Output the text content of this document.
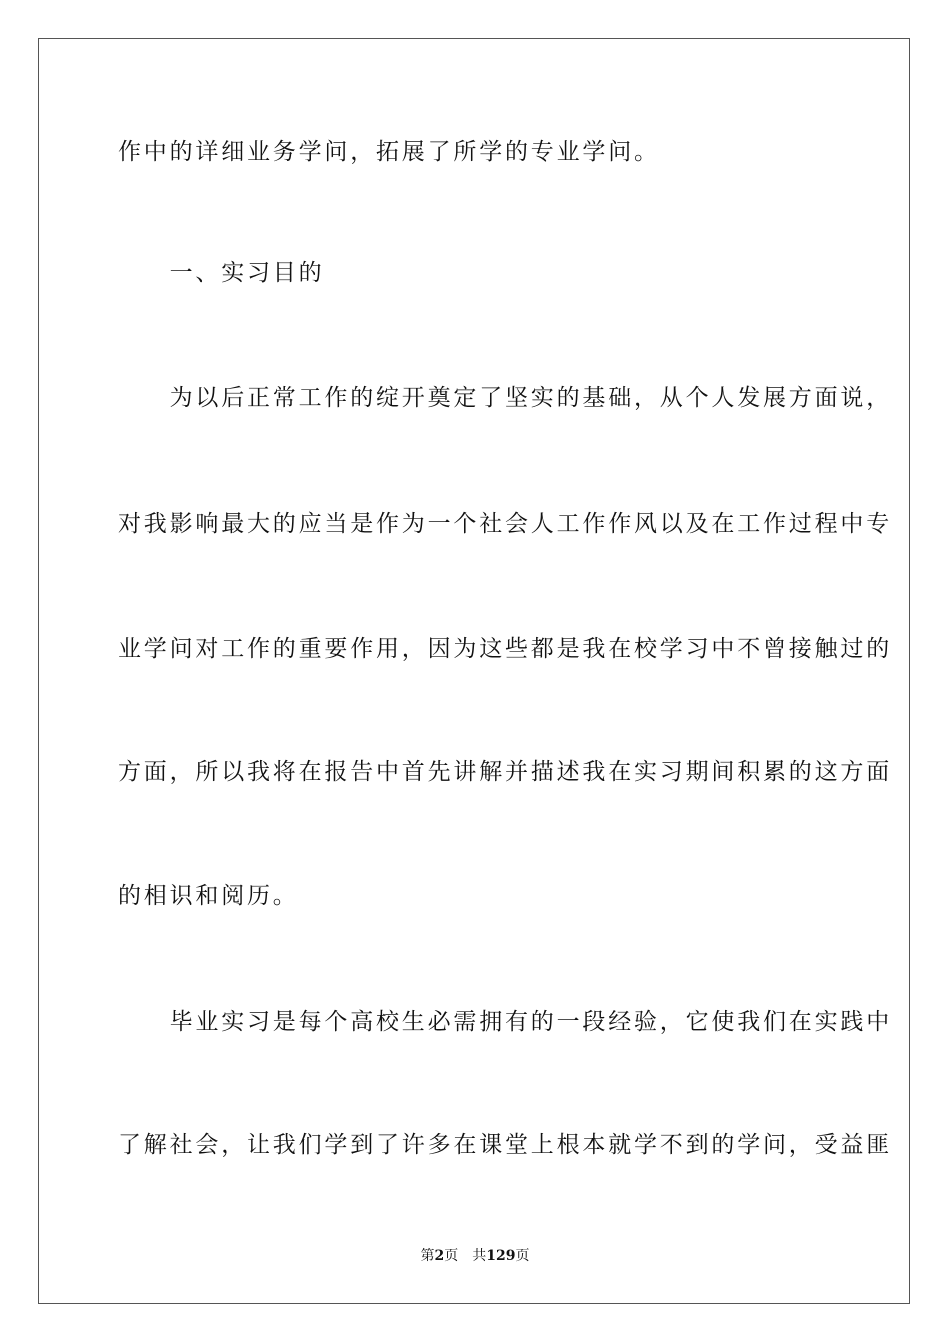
作中的详细业务学问，拓展了所学的专业学问。
　　一、实习目的
　　为以后正常工作的绽开奠定了坚实的基础，从个人发展方面说，
对我影响最大的应当是作为一个社会人工作作风以及在工作过程中专
业学问对工作的重要作用，因为这些都是我在校学习中不曾接触过的
方面，所以我将在报告中首先讲解并描述我在实习期间积累的这方面
的相识和阅历。
　　毕业实习是每个高校生必需拥有的一段经验，它使我们在实践中
了解社会，让我们学到了许多在课堂上根本就学不到的学问，受益匪
第2页 共129页
